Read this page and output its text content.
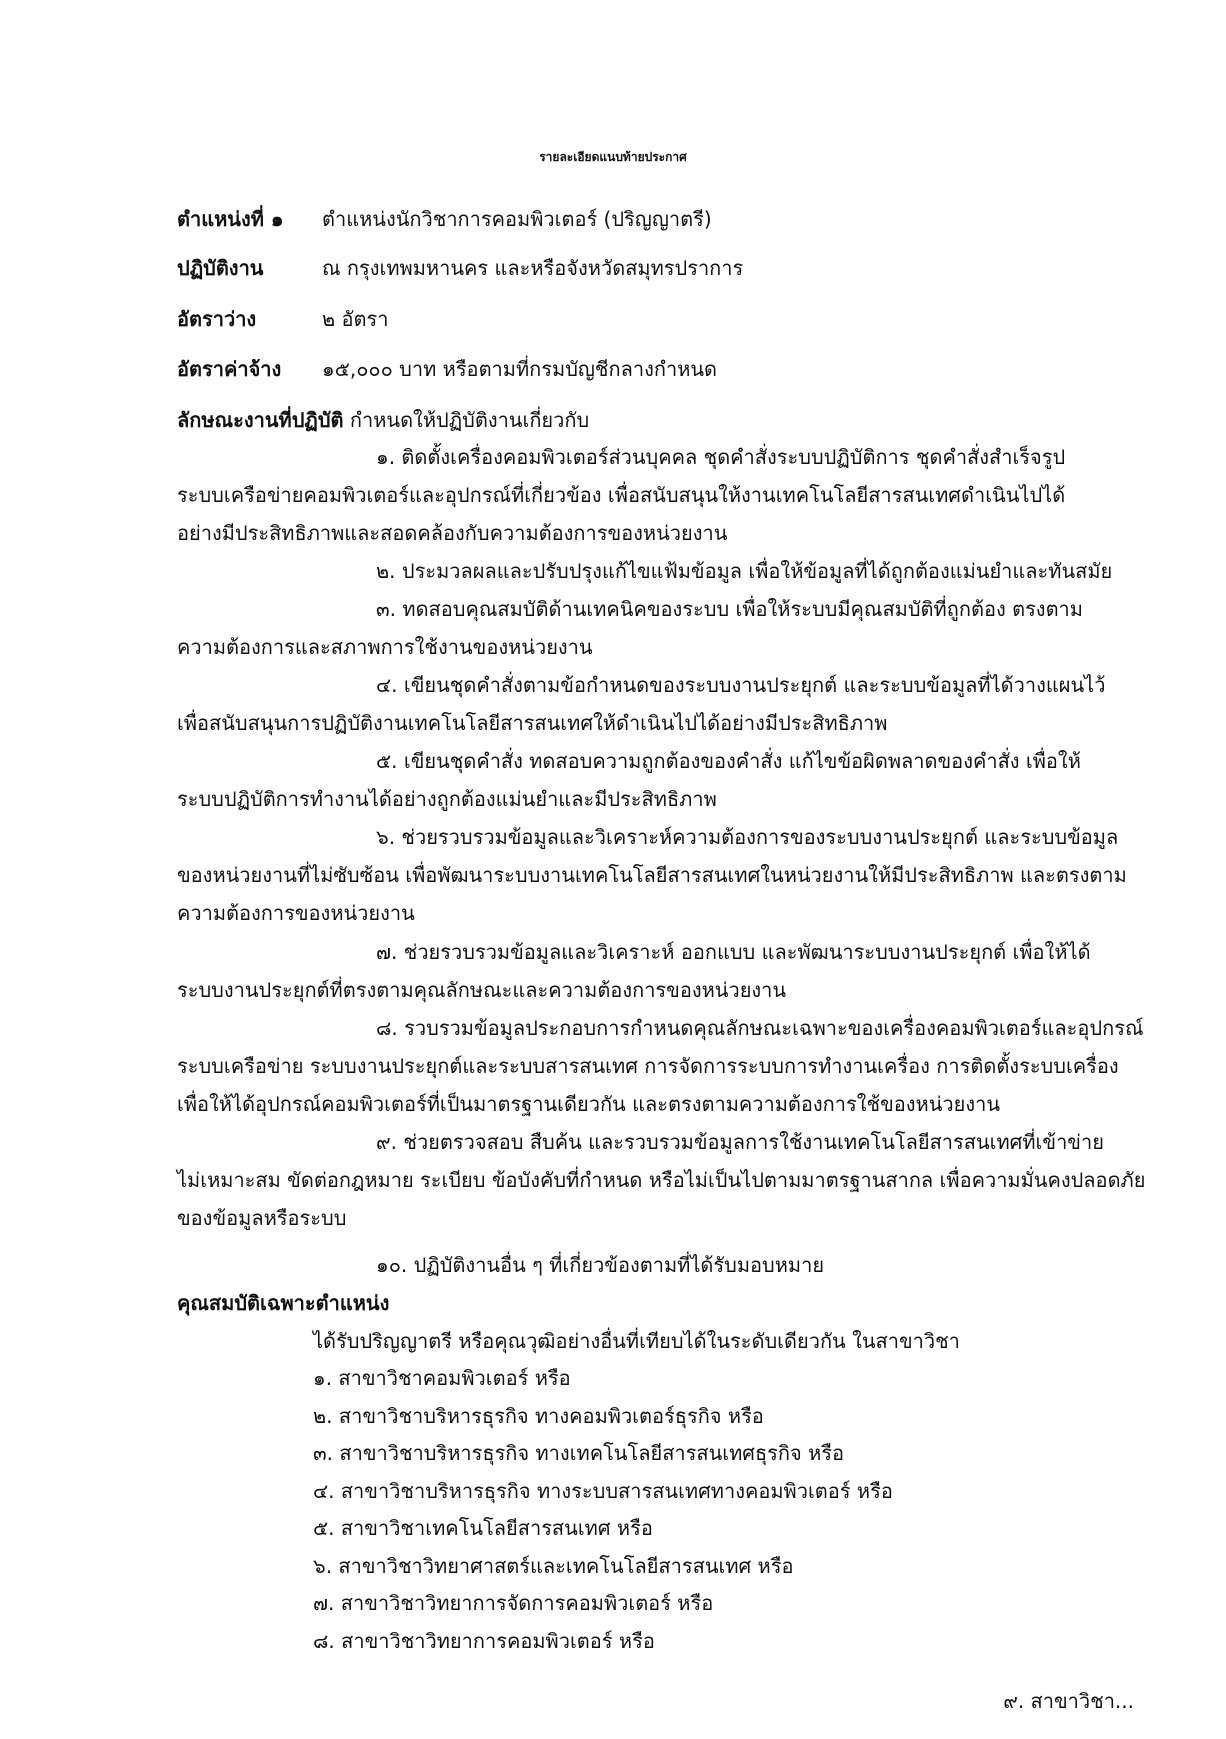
รายละเอียดแนบท้ายประกาศ
ตำแหน่งที่ ๑ ตำแหน่งนักวิชาการคอมพิวเตอร์ (ปริญญาตรี)
ปฏิบัติงาน	ณ กรุงเทพมหานคร และหรือจังหวัดสมุทรปราการ
อัตราว่าง	๒ อัตรา
อัตราค่าจ้าง ๑๕,๐๐๐ บาท หรือตามที่กรมบัญชีกลางกำหนด
ลักษณะงานที่ปฏิบัติ กำหนดให้ปฏิบัติงานเกี่ยวกับ
๑. ติดตั้งเครื่องคอมพิวเตอร์ส่วนบุคคล ชุดคำสั่งระบบปฏิบัติการ ชุดคำสั่งสำเร็จรูป
ระบบเครือข่ายคอมพิวเตอร์และอุปกรณ์ที่เกี่ยวข้อง เพื่อสนับสนุนให้งานเทคโนโลยีสารสนเทศดำเนินไปได้
อย่างมีประสิทธิภาพและสอดคล้องกับความต้องการของหน่วยงาน
๒. ประมวลผลและปรับปรุงแก้ไขแฟ้มข้อมูล เพื่อให้ข้อมูลที่ได้ถูกต้องแม่นยำและทันสมัย
๓. ทดสอบคุณสมบัติด้านเทคนิคของระบบ เพื่อให้ระบบมีคุณสมบัติที่ถูกต้อง ตรงตาม
ความต้องการและสภาพการใช้งานของหน่วยงาน
๔. เขียนชุดคำสั่งตามข้อกำหนดของระบบงานประยุกต์ และระบบข้อมูลที่ได้วางแผนไว้
เพื่อสนับสนุนการปฏิบัติงานเทคโนโลยีสารสนเทศให้ดำเนินไปได้อย่างมีประสิทธิภาพ
๕. เขียนชุดคำสั่ง ทดสอบความถูกต้องของคำสั่ง แก้ไขข้อผิดพลาดของคำสั่ง เพื่อให้
ระบบปฏิบัติการทำงานได้อย่างถูกต้องแม่นยำและมีประสิทธิภาพ
๖. ช่วยรวบรวมข้อมูลและวิเคราะห์ความต้องการของระบบงานประยุกต์ และระบบข้อมูล
ของหน่วยงานที่ไม่ซับซ้อน เพื่อพัฒนาระบบงานเทคโนโลยีสารสนเทศในหน่วยงานให้มีประสิทธิภาพ และตรงตาม
ความต้องการของหน่วยงาน
๗. ช่วยรวบรวมข้อมูลและวิเคราะห์ ออกแบบ และพัฒนาระบบงานประยุกต์ เพื่อให้ได้
ระบบงานประยุกต์ที่ตรงตามคุณลักษณะและความต้องการของหน่วยงาน
๘. รวบรวมข้อมูลประกอบการกำหนดคุณลักษณะเฉพาะของเครื่องคอมพิวเตอร์และอุปกรณ์
ระบบเครือข่าย ระบบงานประยุกต์และระบบสารสนเทศ การจัดการระบบการทำงานเครื่อง การติดตั้งระบบเครื่อง
เพื่อให้ได้อุปกรณ์คอมพิวเตอร์ที่เป็นมาตรฐานเดียวกัน และตรงตามความต้องการใช้ของหน่วยงาน
๙. ช่วยตรวจสอบ สืบค้น และรวบรวมข้อมูลการใช้งานเทคโนโลยีสารสนเทศที่เข้าข่าย
ไม่เหมาะสม ขัดต่อกฎหมาย ระเบียบ ข้อบังคับที่กำหนด หรือไม่เป็นไปตามมาตรฐานสากล เพื่อความมั่นคงปลอดภัย
ของข้อมูลหรือระบบ
๑๐. ปฏิบัติงานอื่น ๆ ที่เกี่ยวข้องตามที่ได้รับมอบหมาย
คุณสมบัติเฉพาะตำแหน่ง
ได้รับปริญญาตรี หรือคุณวุฒิอย่างอื่นที่เทียบได้ในระดับเดียวกัน ในสาขาวิชา
๑. สาขาวิชาคอมพิวเตอร์ หรือ
๒. สาขาวิชาบริหารธุรกิจ ทางคอมพิวเตอร์ธุรกิจ หรือ
๓. สาขาวิชาบริหารธุรกิจ ทางเทคโนโลยีสารสนเทศธุรกิจ หรือ
๔. สาขาวิชาบริหารธุรกิจ ทางระบบสารสนเทศทางคอมพิวเตอร์ หรือ
๕. สาขาวิชาเทคโนโลยีสารสนเทศ หรือ
๖. สาขาวิชาวิทยาศาสตร์และเทคโนโลยีสารสนเทศ หรือ
๗. สาขาวิชาวิทยาการจัดการคอมพิวเตอร์ หรือ
๘. สาขาวิชาวิทยาการคอมพิวเตอร์ หรือ
๙. สาขาวิชา...
